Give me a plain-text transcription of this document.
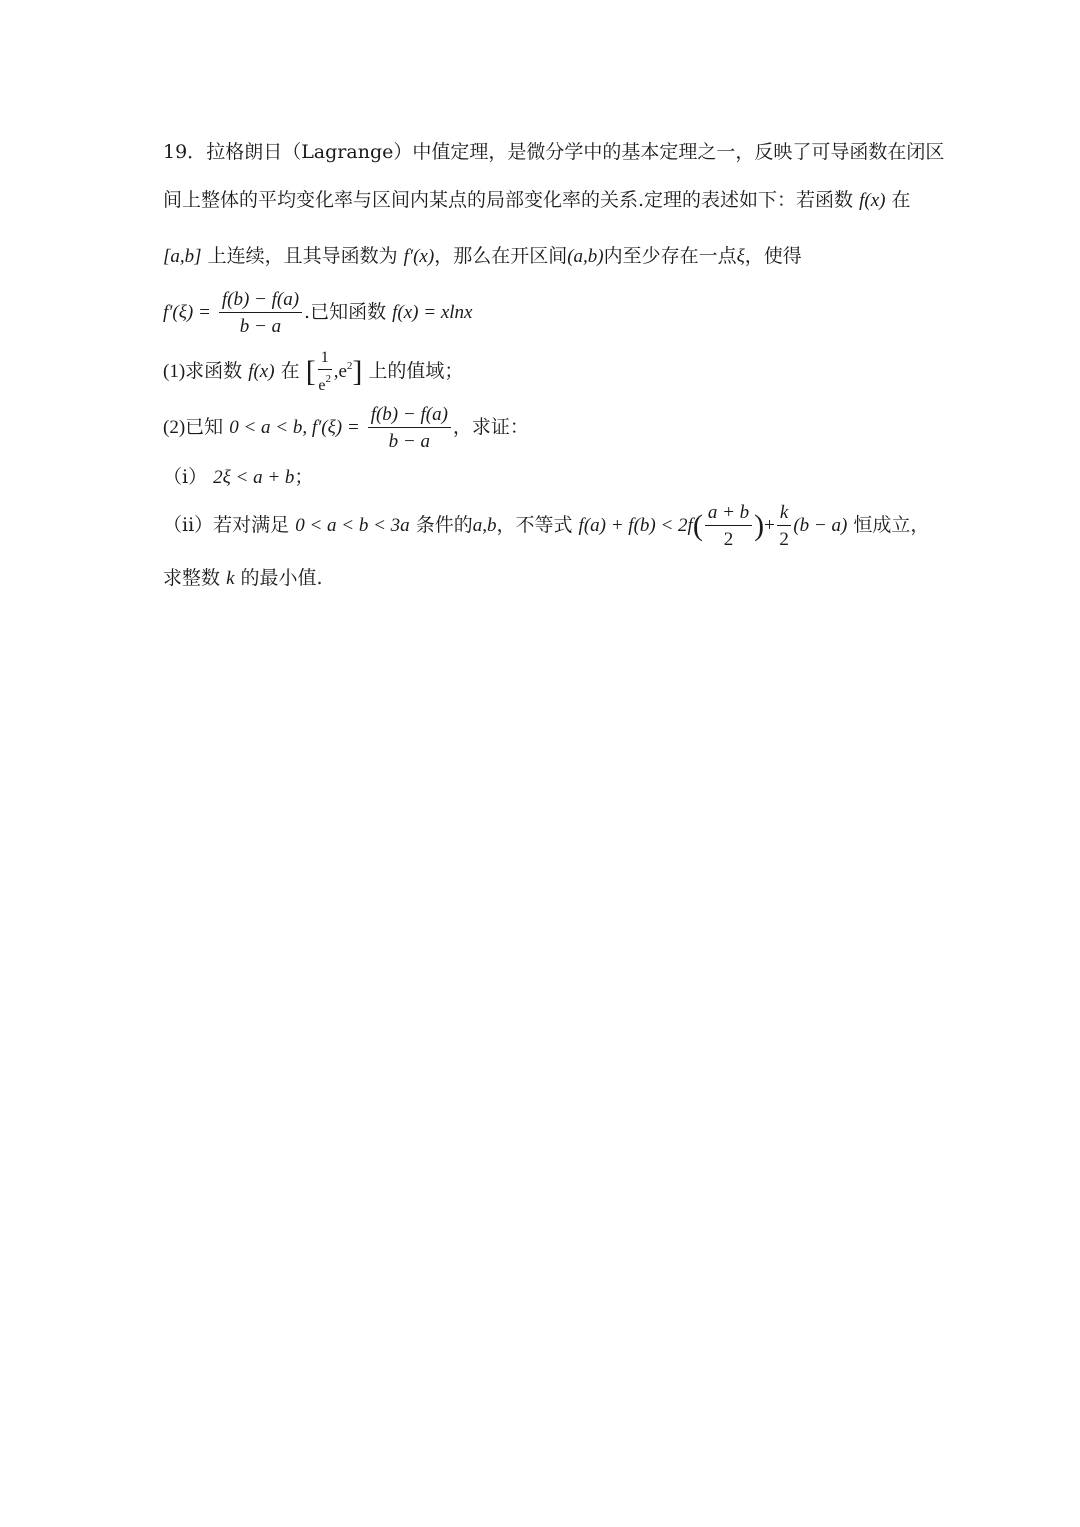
19．拉格朗日（Lagrange）中值定理，是微分学中的基本定理之一，反映了可导函数在闭区
间上整体的平均变化率与区间内某点的局部变化率的关系.定理的表述如下：若函数 f(x) 在
[a,b] 上连续，且其导函数为 f′(x)，那么在开区间(a,b)内至少存在一点ξ，使得
$f'(\xi) = \frac{f(b) - f(a)}{b - a}$ .已知函数 f(x) = xlnx
(1)求函数 f(x) 在 [ $\frac{1}{e^2} ,e^2$] 上的值域；
(2)已知 0 < a < b, $f'(\xi) = \frac{f(b) - f(a)}{b - a}$ ，求证：
（i） 2ξ < a + b；
（ii）若对满足 0 < a < b < 3a 条件的a,b，不等式 $f(a) + f(b) < 2f( \frac{a + b}{2}$ )+ $\frac{k}{2} (b - a)$ 恒成立，
求整数 k 的最小值.
